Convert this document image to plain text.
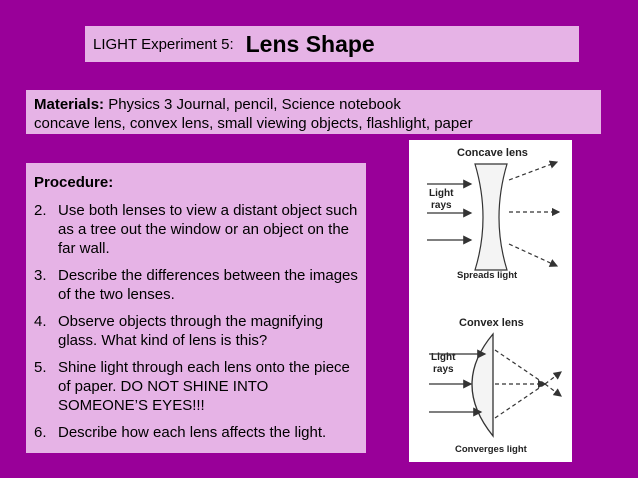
LIGHT Experiment 5: Lens Shape
Materials: Physics 3 Journal, pencil, Science notebook
concave lens, convex lens, small viewing objects, flashlight, paper
Procedure:
2. Use both lenses to view a distant object such as a tree out the window or an object on the far wall.
3. Describe the differences between the images of the two lenses.
4. Observe objects through the magnifying glass. What kind of lens is this?
5. Shine light through each lens onto the piece of paper. DO NOT SHINE INTO SOMEONE’S EYES!!!
6. Describe how each lens affects the light.
Concave lens
Light
rays
Spreads light
Convex lens
Light
rays
Converges light
